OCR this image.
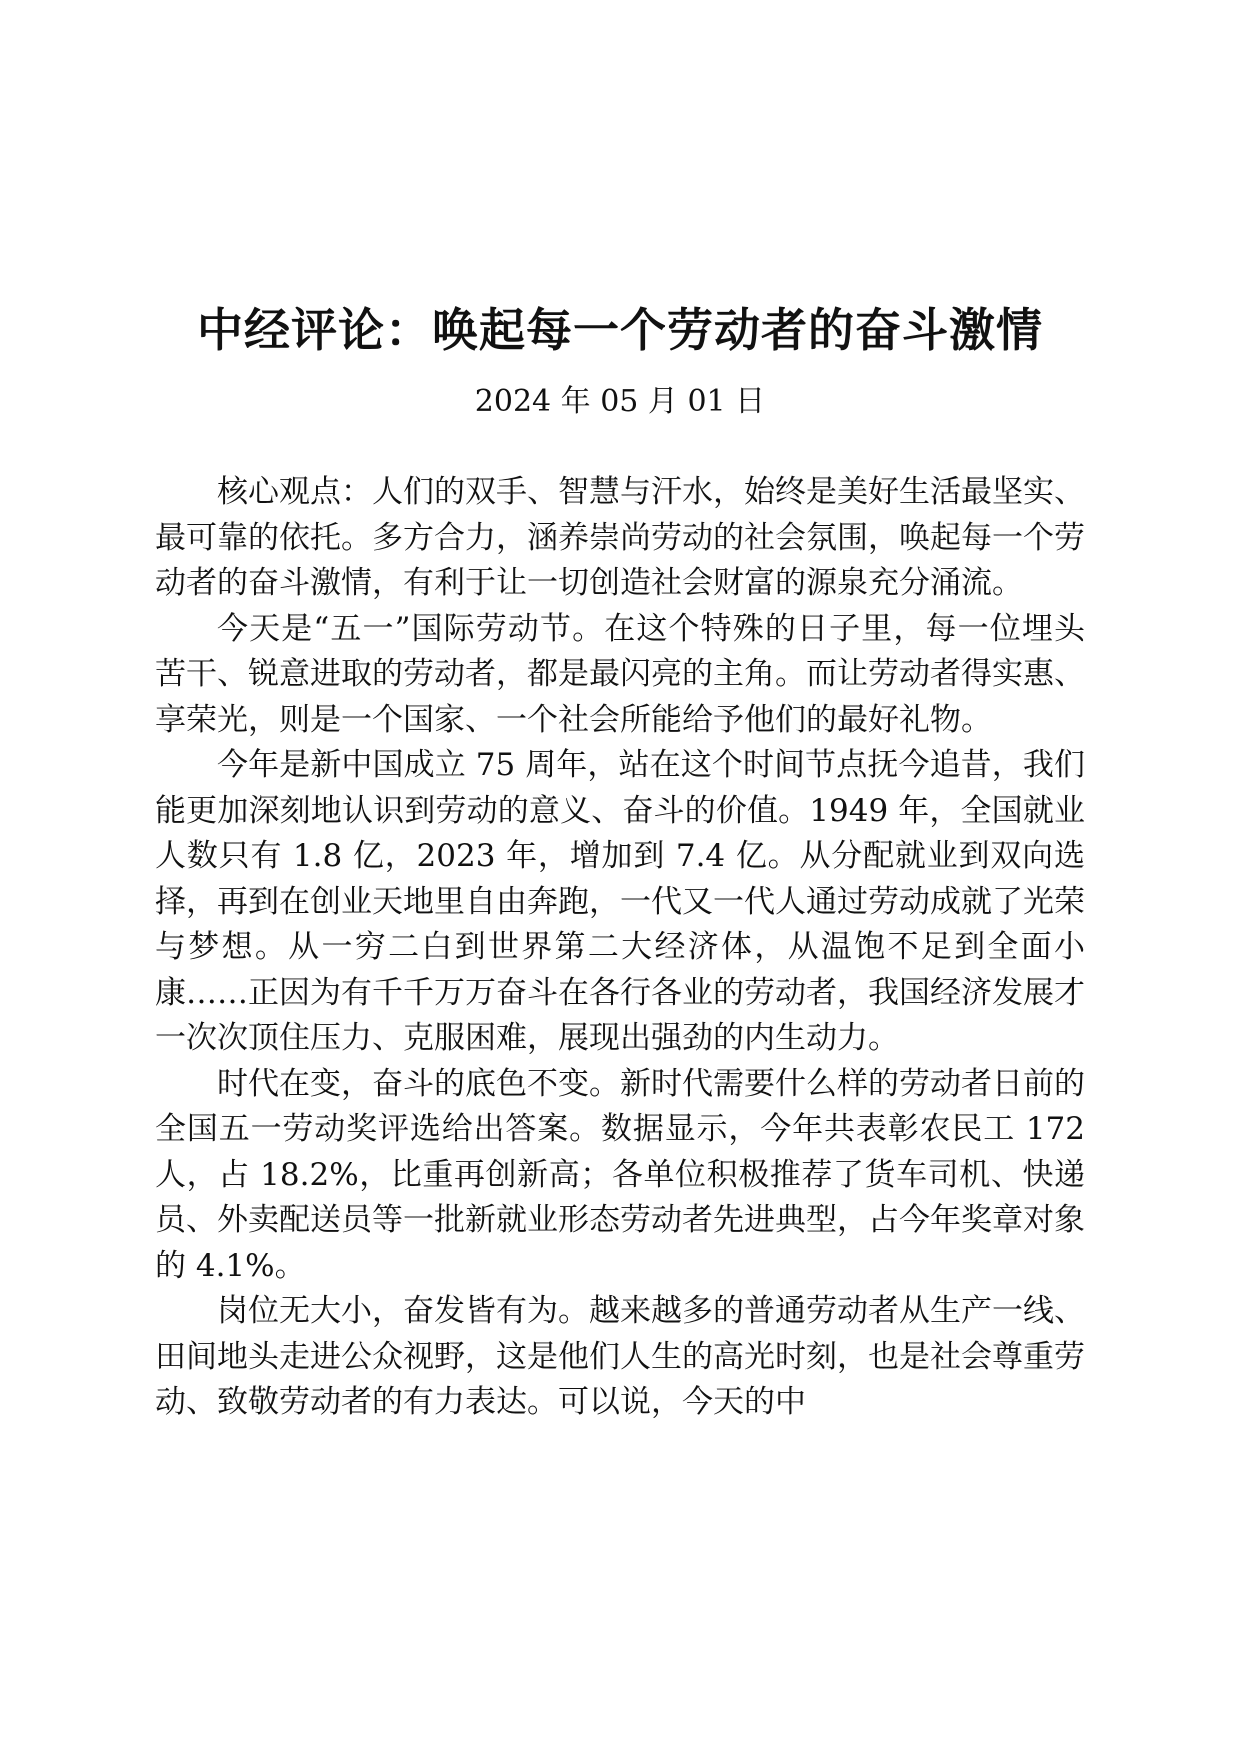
中经评论：唤起每一个劳动者的奋斗激情
2024 年 05 月 01 日

核心观点：人们的双手、智慧与汗水，始终是美好生活最坚实、最可靠的依托。多方合力，涵养崇尚劳动的社会氛围，唤起每一个劳动者的奋斗激情，有利于让一切创造社会财富的源泉充分涌流。

今天是“五一”国际劳动节。在这个特殊的日子里，每一位埋头苦干、锐意进取的劳动者，都是最闪亮的主角。而让劳动者得实惠、享荣光，则是一个国家、一个社会所能给予他们的最好礼物。

今年是新中国成立 75 周年，站在这个时间节点抚今追昔，我们能更加深刻地认识到劳动的意义、奋斗的价值。1949 年，全国就业人数只有 1.8 亿，2023 年，增加到 7.4 亿。从分配就业到双向选择，再到在创业天地里自由奔跑，一代又一代人通过劳动成就了光荣与梦想。从一穷二白到世界第二大经济体，从温饱不足到全面小康……正因为有千千万万奋斗在各行各业的劳动者，我国经济发展才一次次顶住压力、克服困难，展现出强劲的内生动力。

时代在变，奋斗的底色不变。新时代需要什么样的劳动者日前的全国五一劳动奖评选给出答案。数据显示，今年共表彰农民工 172 人，占 18.2%，比重再创新高；各单位积极推荐了货车司机、快递员、外卖配送员等一批新就业形态劳动者先进典型，占今年奖章对象的 4.1%。

岗位无大小，奋发皆有为。越来越多的普通劳动者从生产一线、田间地头走进公众视野，这是他们人生的高光时刻，也是社会尊重劳动、致敬劳动者的有力表达。可以说，今天的中
